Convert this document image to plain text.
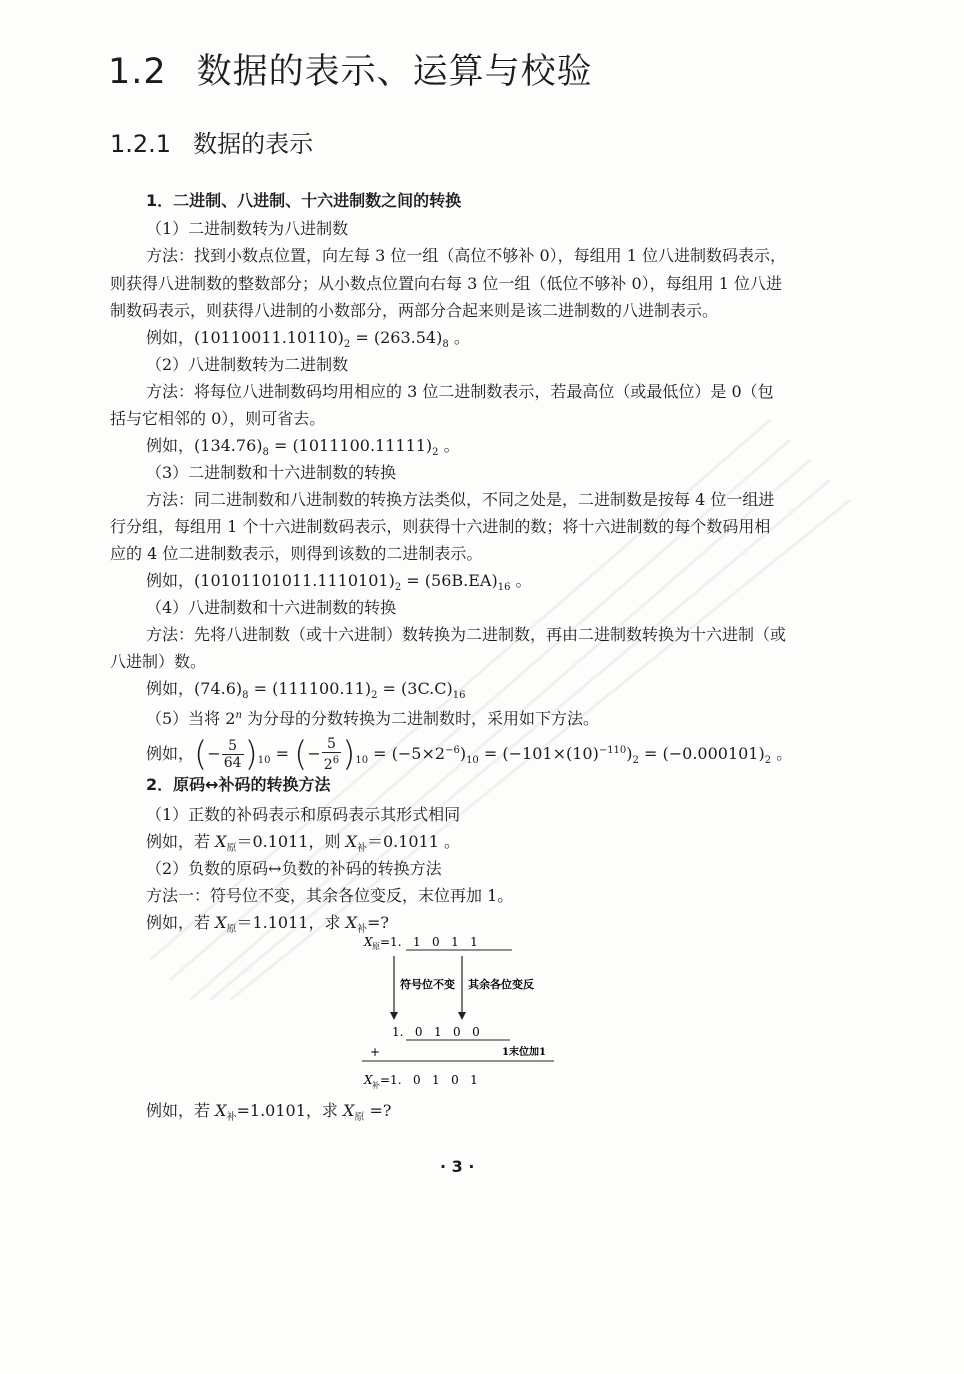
1.2 数据的表示、运算与校验
1.2.1 数据的表示
1．二进制、八进制、十六进制数之间的转换
（1）二进制数转为八进制数
方法：找到小数点位置，向左每 3 位一组（高位不够补 0），每组用 1 位八进制数码表示，
则获得八进制数的整数部分；从小数点位置向右每 3 位一组（低位不够补 0），每组用 1 位八进
制数码表示，则获得八进制的小数部分，两部分合起来则是该二进制数的八进制表示。
例如，$(10110011.10110)_2 = (263.54)_8$ 。
（2）八进制数转为二进制数
方法：将每位八进制数码均用相应的 3 位二进制数表示，若最高位（或最低位）是 0（包
括与它相邻的 0），则可省去。
例如，$(134.76)_8 = (1011100.11111)_2$ 。
（3）二进制数和十六进制数的转换
方法：同二进制数和八进制数的转换方法类似，不同之处是，二进制数是按每 4 位一组进
行分组，每组用 1 个十六进制数码表示，则获得十六进制的数；将十六进制数的每个数码用相
应的 4 位二进制数表示，则得到该数的二进制表示。
例如，$(10101101011.1110101)_2 = (56B.EA)_{16}$ 。
（4）八进制数和十六进制数的转换
方法：先将八进制数（或十六进制）数转换为二进制数，再由二进制数转换为十六进制（或
八进制）数。
例如，$(74.6)_8 = (111100.11)_2 = (3C.C)_{16}$
（5）当将 2$^n$ 为分母的分数转换为二进制数时，采用如下方法。
例如，(− $\frac{5}{64} )_{10}$ = (− $\frac{5}{2^6} )_{10} = (-5\times 2^{-6})_{10} = (-101\times(10)^{-110})_2 = (-0.000101)_2$ 。
2．原码↔补码的转换方法
（1）正数的补码表示和原码表示其形式相同
例如，若 $X_原=0.1011$，则 $X_补=0.1011$ 。
（2）负数的原码↔负数的补码的转换方法
方法一：符号位不变，其余各位变反，末位再加 1。
例如，若 $X_原=1.1011$，求 $X_补=$?
X 原 =1.   1   0   1   1
符号位不变 其余各位变反
1.   0   1   0   0
+	1末位加1
X 补 =1.   0   1   0   1
例如，若 $X_补=1.0101$，求 $X_原$ =?
· 3 ·
